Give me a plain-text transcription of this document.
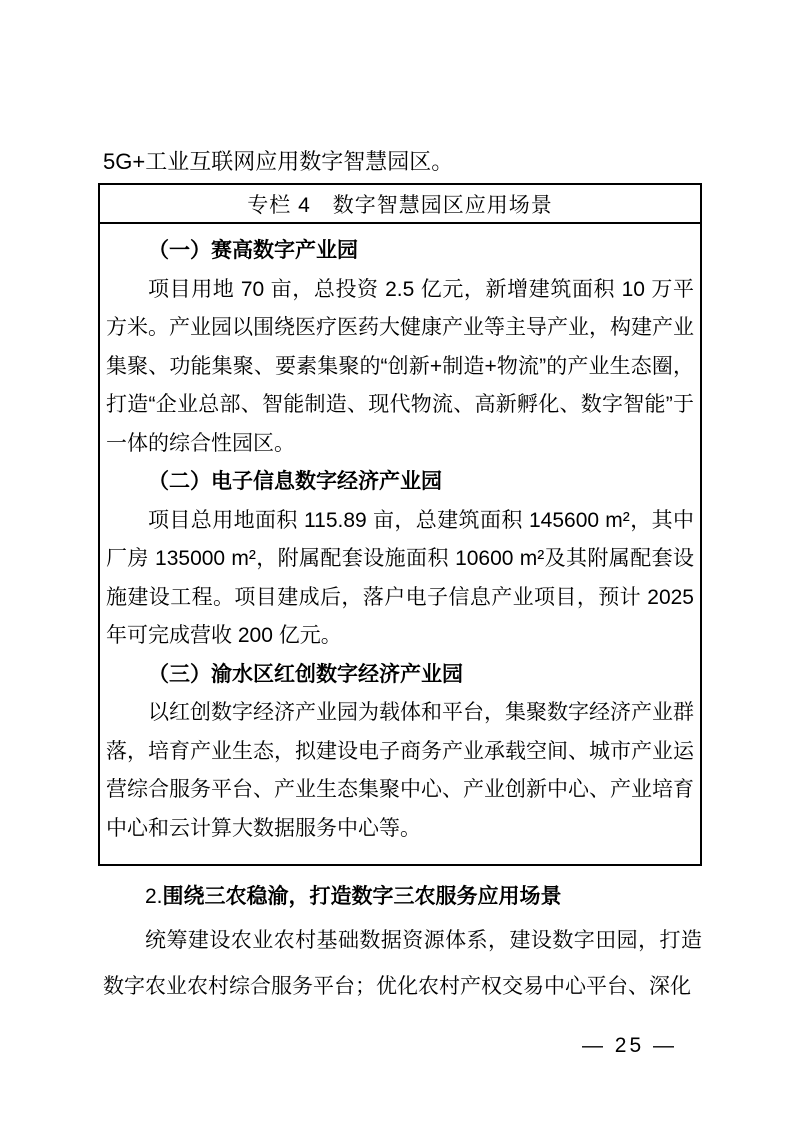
5G+工业互联网应用数字智慧园区。

专栏 4　数字智慧园区应用场景
（一）赛高数字产业园

项目用地 70 亩，总投资 2.5 亿元，新增建筑面积 10 万平方米。产业园以围绕医疗医药大健康产业等主导产业，构建产业集聚、功能集聚、要素集聚的“创新+制造+物流”的产业生态圈，打造“企业总部、智能制造、现代物流、高新孵化、数字智能”于一体的综合性园区。

（二）电子信息数字经济产业园

项目总用地面积 115.89 亩，总建筑面积 145600 m²，其中厂房 135000 m²，附属配套设施面积 10600 m²及其附属配套设施建设工程。项目建成后，落户电子信息产业项目，预计 2025 年可完成营收 200 亿元。

（三）渝水区红创数字经济产业园

以红创数字经济产业园为载体和平台，集聚数字经济产业群落，培育产业生态，拟建设电子商务产业承载空间、城市产业运营综合服务平台、产业生态集聚中心、产业创新中心、产业培育中心和云计算大数据服务中心等。

2.围绕三农稳渝，打造数字三农服务应用场景

统筹建设农业农村基础数据资源体系，建设数字田园，打造数字农业农村综合服务平台；优化农村产权交易中心平台、深化

— 25 —
